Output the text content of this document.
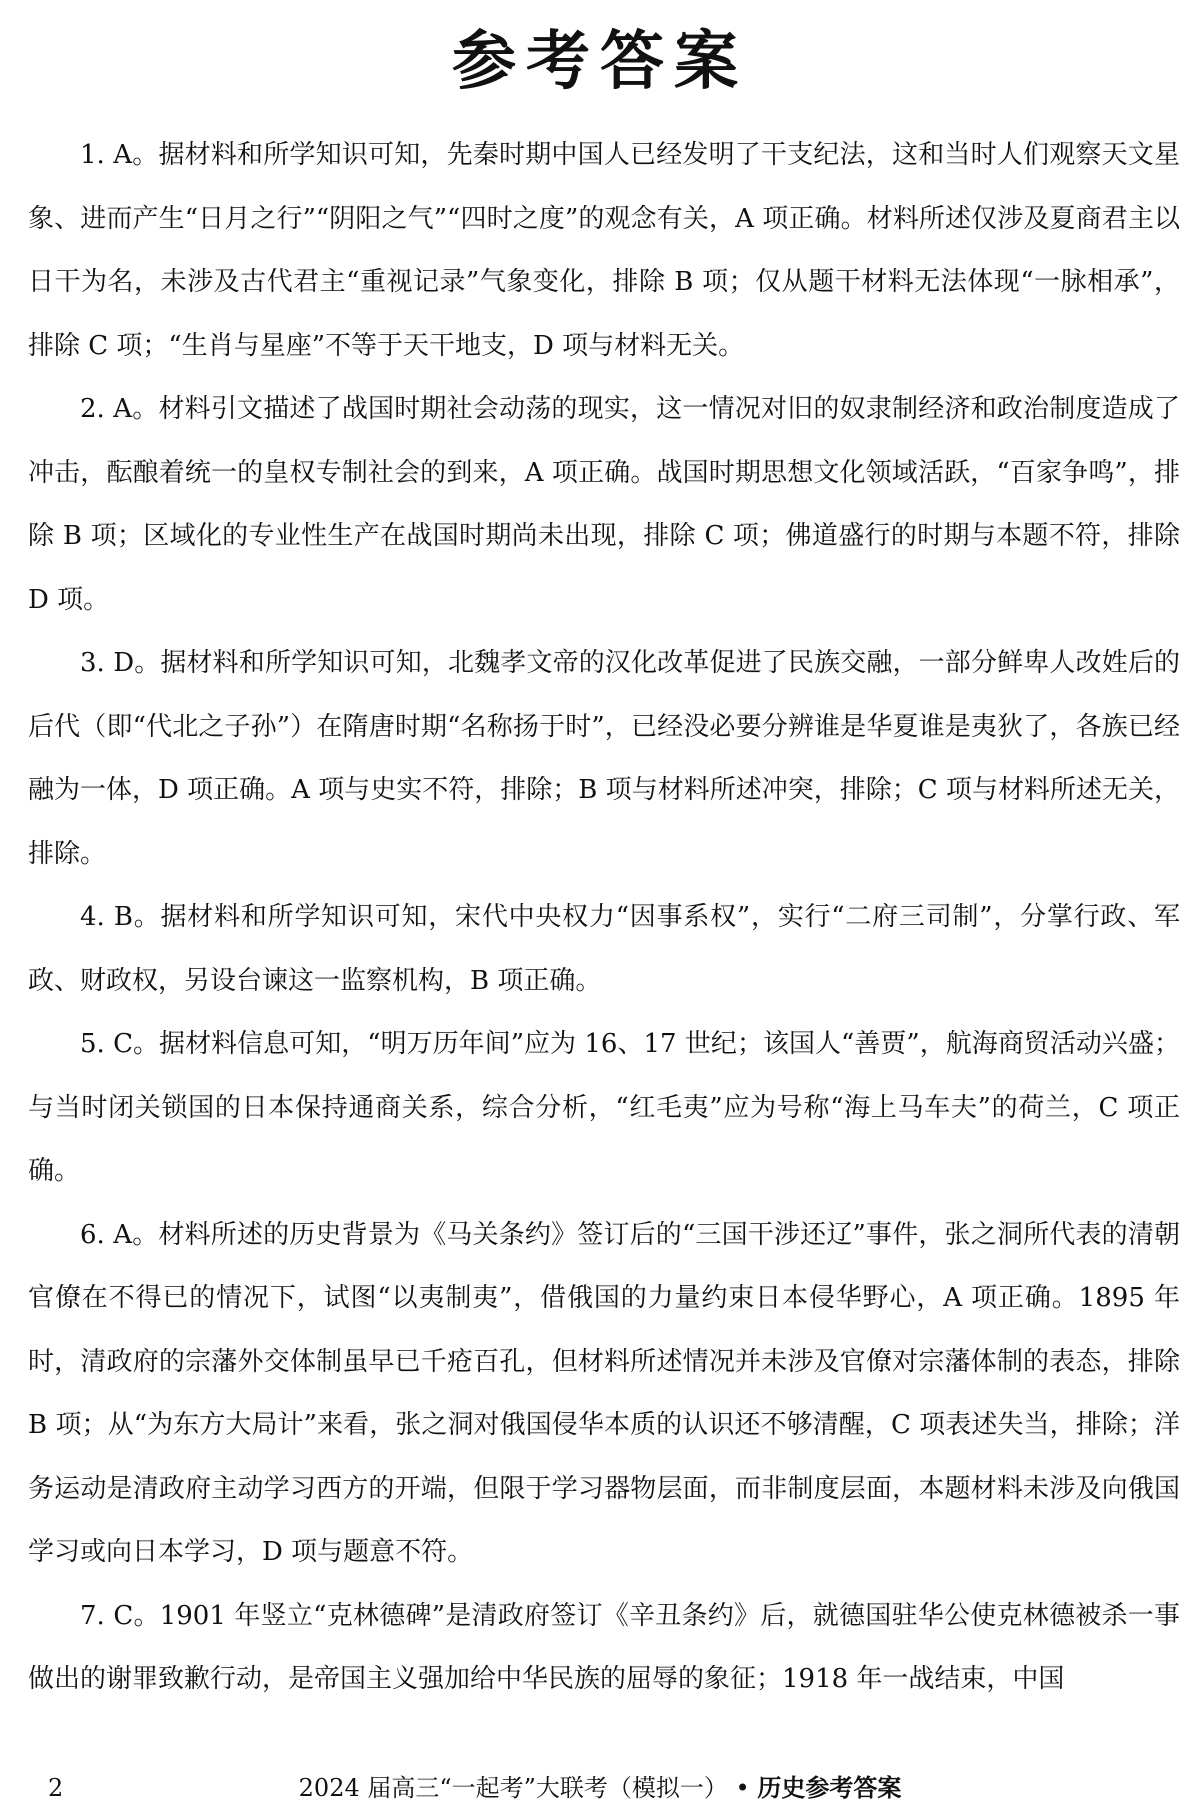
参考答案

1. A。据材料和所学知识可知，先秦时期中国人已经发明了干支纪法，这和当时人们观察天文星象、进而产生“日月之行”“阴阳之气”“四时之度”的观念有关，A 项正确。材料所述仅涉及夏商君主以日干为名，未涉及古代君主“重视记录”气象变化，排除 B 项；仅从题干材料无法体现“一脉相承”，排除 C 项；“生肖与星座”不等于天干地支，D 项与材料无关。

2. A。材料引文描述了战国时期社会动荡的现实，这一情况对旧的奴隶制经济和政治制度造成了冲击，酝酿着统一的皇权专制社会的到来，A 项正确。战国时期思想文化领域活跃，“百家争鸣”，排除 B 项；区域化的专业性生产在战国时期尚未出现，排除 C 项；佛道盛行的时期与本题不符，排除 D 项。

3. D。据材料和所学知识可知，北魏孝文帝的汉化改革促进了民族交融，一部分鲜卑人改姓后的后代（即“代北之子孙”）在隋唐时期“名称扬于时”，已经没必要分辨谁是华夏谁是夷狄了，各族已经融为一体，D 项正确。A 项与史实不符，排除；B 项与材料所述冲突，排除；C 项与材料所述无关，排除。

4. B。据材料和所学知识可知，宋代中央权力“因事系权”，实行“二府三司制”，分掌行政、军政、财政权，另设台谏这一监察机构，B 项正确。

5. C。据材料信息可知，“明万历年间”应为 16、17 世纪；该国人“善贾”，航海商贸活动兴盛；与当时闭关锁国的日本保持通商关系，综合分析，“红毛夷”应为号称“海上马车夫”的荷兰，C 项正确。

6. A。材料所述的历史背景为《马关条约》签订后的“三国干涉还辽”事件，张之洞所代表的清朝官僚在不得已的情况下，试图“以夷制夷”，借俄国的力量约束日本侵华野心，A 项正确。1895 年时，清政府的宗藩外交体制虽早已千疮百孔，但材料所述情况并未涉及官僚对宗藩体制的表态，排除 B 项；从“为东方大局计”来看，张之洞对俄国侵华本质的认识还不够清醒，C 项表述失当，排除；洋务运动是清政府主动学习西方的开端，但限于学习器物层面，而非制度层面，本题材料未涉及向俄国学习或向日本学习，D 项与题意不符。

7. C。1901 年竖立“克林德碑”是清政府签订《辛丑条约》后，就德国驻华公使克林德被杀一事做出的谢罪致歉行动，是帝国主义强加给中华民族的屈辱的象征；1918 年一战结束，中国

2	2024 届高三“一起考”大联考（模拟一） • 历史参考答案
